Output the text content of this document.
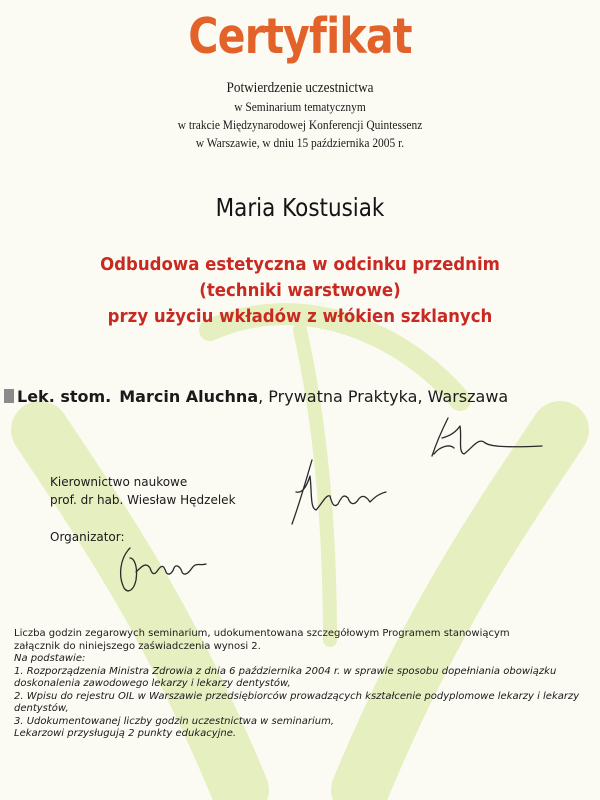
Certyfikat
Potwierdzenie uczestnictwa
w Seminarium tematycznym
w trakcie Międzynarodowej Konferencji Quintessenz
w Warszawie, w dniu 15 października 2005 r.
Maria Kostusiak
Odbudowa estetyczna w odcinku przednim
(techniki warstwowe)
przy użyciu wkładów z włókien szklanych
Lek. stom. Marcin Aluchna, Prywatna Praktyka, Warszawa
Kierownictwo naukowe
prof. dr hab. Wiesław Hędzelek
Organizator:
Liczba godzin zegarowych seminarium, udokumentowana szczegółowym Programem stanowiącym
załącznik do niniejszego zaświadczenia wynosi 2.
Na podstawie:
1. Rozporządzenia Ministra Zdrowia z dnia 6 października 2004 r. w sprawie sposobu dopełniania obowiązku
doskonalenia zawodowego lekarzy i lekarzy dentystów,
2. Wpisu do rejestru OIL w Warszawie przedsiębiorców prowadzących kształcenie podyplomowe lekarzy i lekarzy dentystów,
3. Udokumentowanej liczby godzin uczestnictwa w seminarium,
Lekarzowi przysługują 2 punkty edukacyjne.
